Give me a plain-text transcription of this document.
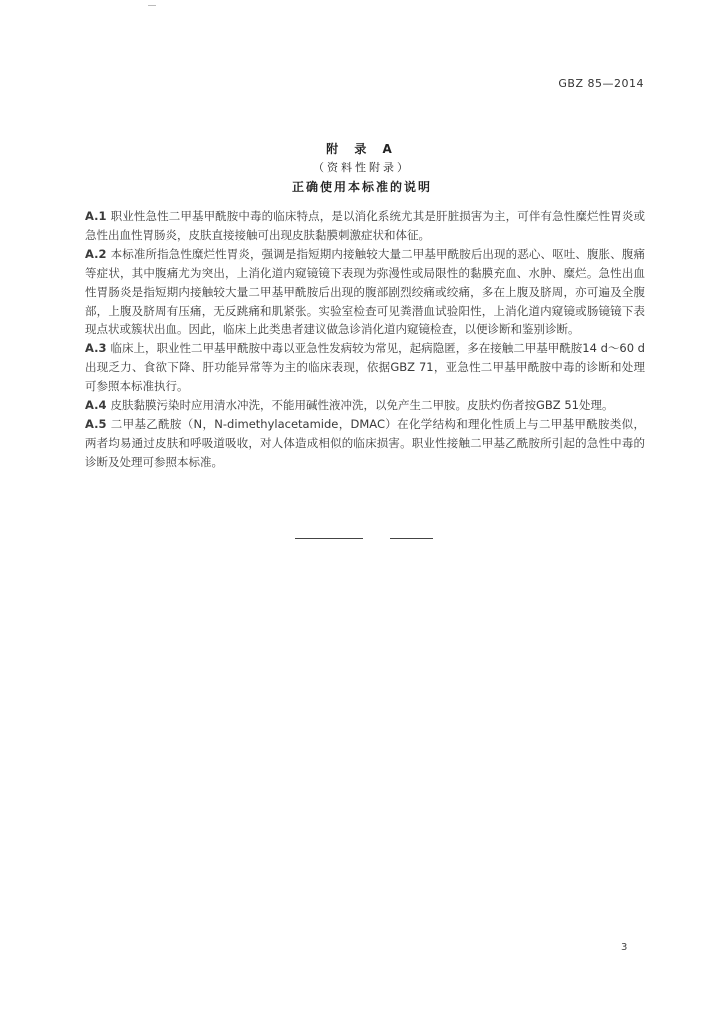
GBZ 85—2014
附 录 A
（资料性附录）
正确使用本标准的说明

A.1 职业性急性二甲基甲酰胺中毒的临床特点，是以消化系统尤其是肝脏损害为主，可伴有急性糜烂性胃炎或急性出血性胃肠炎，皮肤直接接触可出现皮肤黏膜刺激症状和体征。

A.2 本标准所指急性糜烂性胃炎，强调是指短期内接触较大量二甲基甲酰胺后出现的恶心、呕吐、腹胀、腹痛等症状，其中腹痛尤为突出，上消化道内窥镜镜下表现为弥漫性或局限性的黏膜充血、水肿、糜烂。急性出血性胃肠炎是指短期内接触较大量二甲基甲酰胺后出现的腹部剧烈绞痛或绞痛，多在上腹及脐周，亦可遍及全腹部，上腹及脐周有压痛，无反跳痛和肌紧张。实验室检查可见粪潜血试验阳性，上消化道内窥镜或肠镜镜下表现点状或簇状出血。因此，临床上此类患者建议做急诊消化道内窥镜检查，以便诊断和鉴别诊断。

A.3 临床上，职业性二甲基甲酰胺中毒以亚急性发病较为常见，起病隐匿，多在接触二甲基甲酰胺14 d～60 d出现乏力、食欲下降、肝功能异常等为主的临床表现，依据GBZ 71，亚急性二甲基甲酰胺中毒的诊断和处理可参照本标准执行。

A.4 皮肤黏膜污染时应用清水冲洗，不能用碱性液冲洗，以免产生二甲胺。皮肤灼伤者按GBZ 51处理。

A.5 二甲基乙酰胺（N，N-dimethylacetamide，DMAC）在化学结构和理化性质上与二甲基甲酰胺类似，两者均易通过皮肤和呼吸道吸收，对人体造成相似的临床损害。职业性接触二甲基乙酰胺所引起的急性中毒的诊断及处理可参照本标准。

3
